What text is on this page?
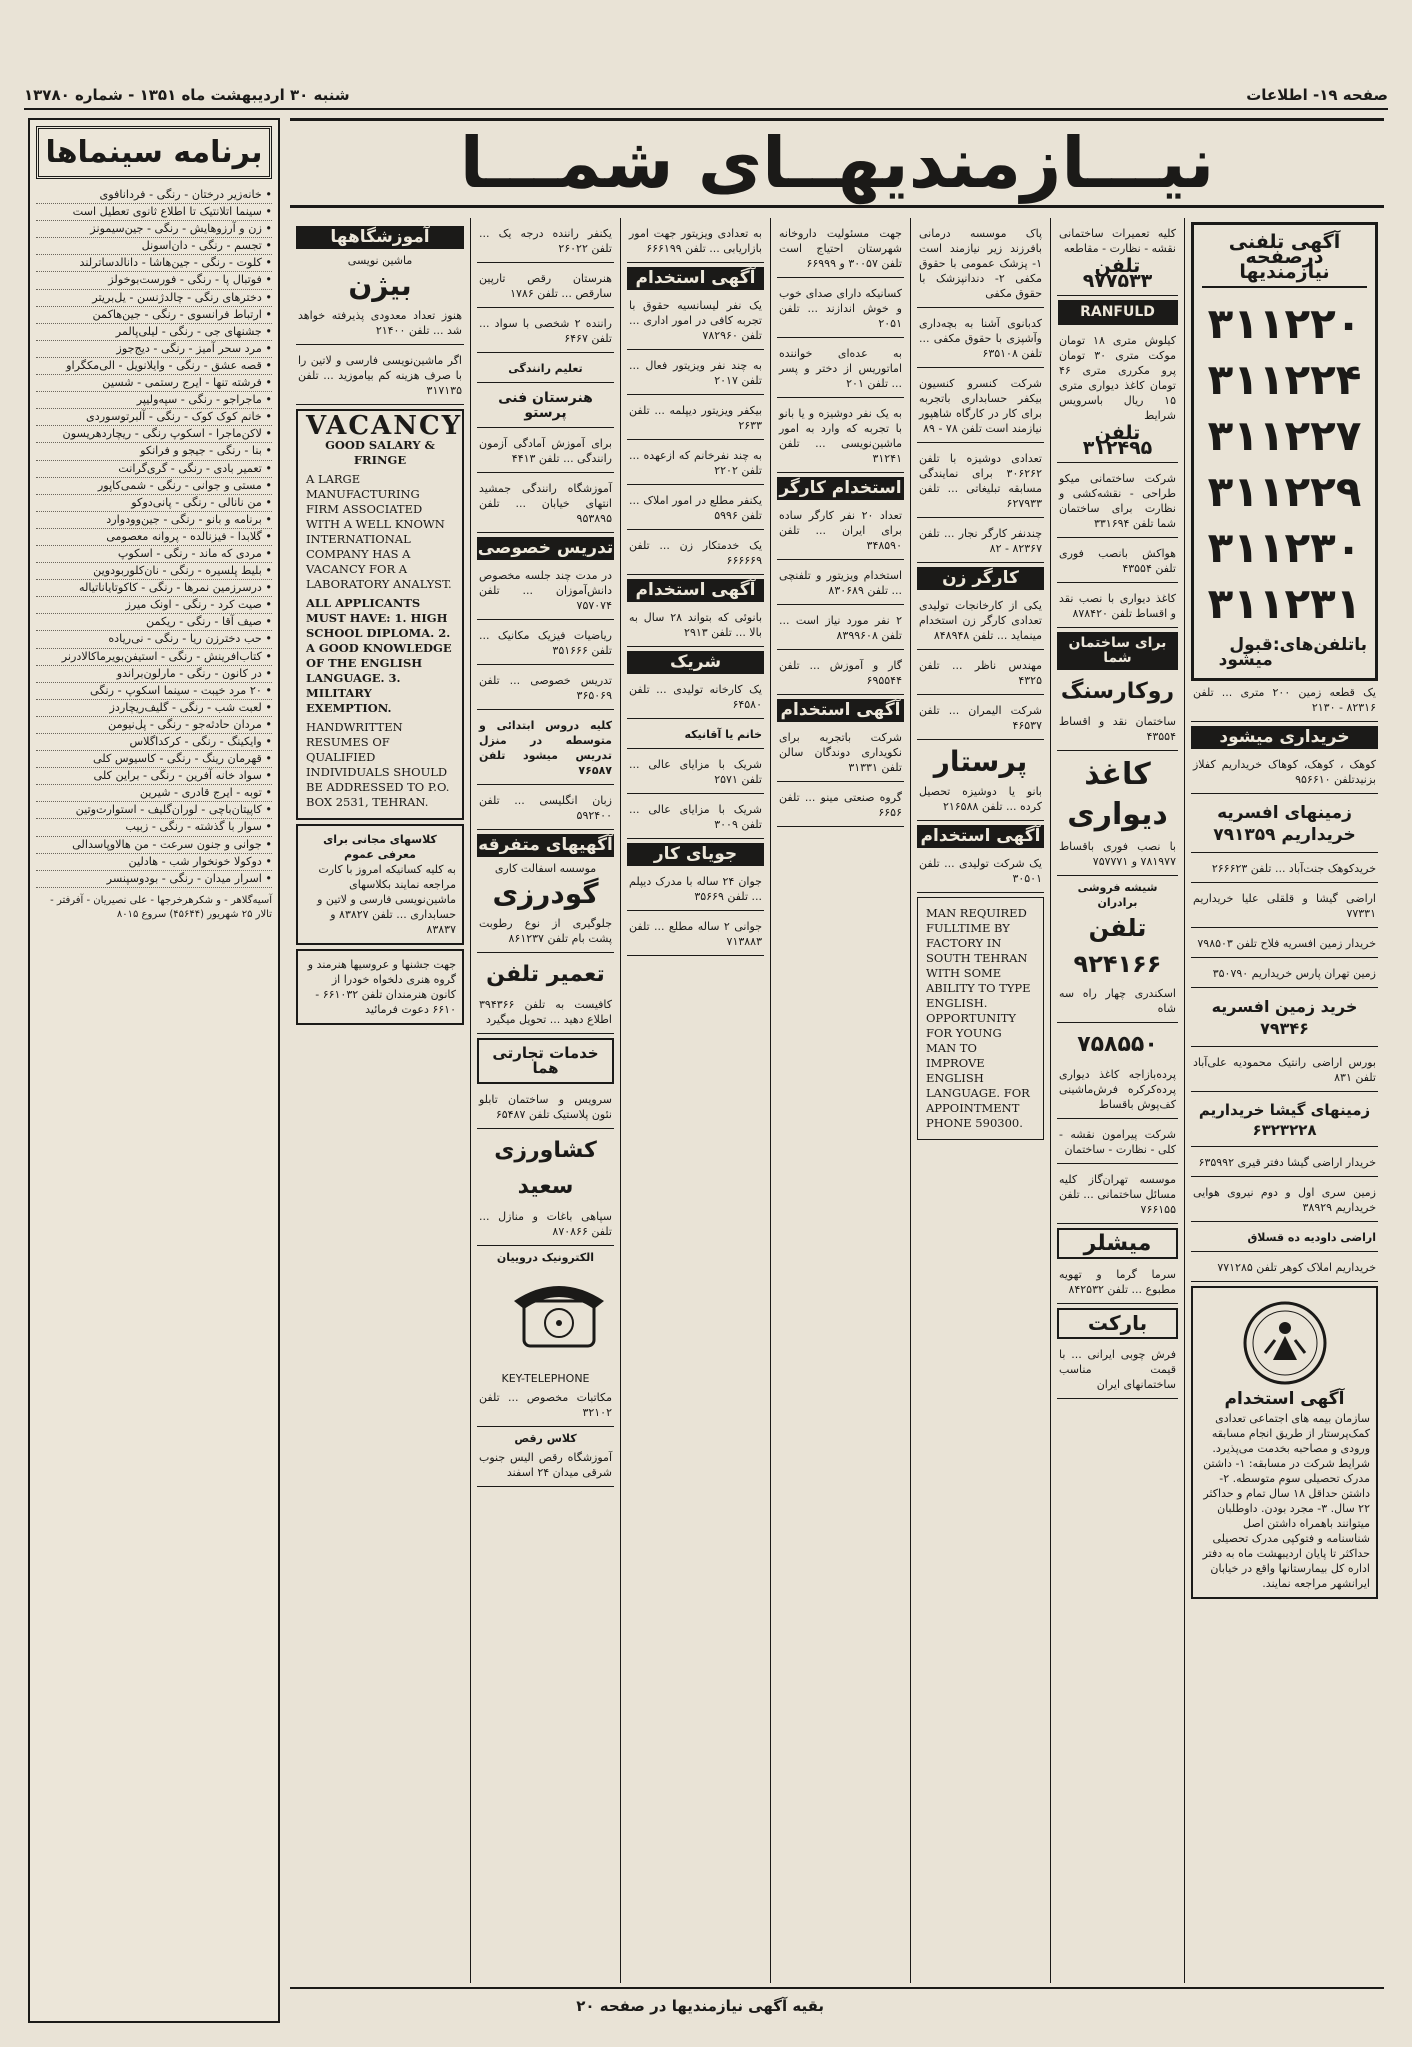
صفحه ۱۹- اطلاعات
شنبه ۳۰ اردیبهشت ماه ۱۳۵۱ - شماره ۱۳۷۸۰
برنامه سینماها
• خانه‌زیر درختان - رنگی - فردانافوی
• سینما اتلانتیک تا اطلاع ثانوی تعطیل است
• زن و آرزوهایش - رنگی - جین‌سیمونز
• تجسم - رنگی - دان‌اسونل
• کلوت - رنگی - جین‌هاشا - دانالدساترلند
• فوتبال پا - رنگی - فورست‌بوخولز
• دخترهای رنگی - چالدژنسن - یل‌بریتر
• ارتباط فرانسوی - رنگی - جین‌هاکمن
• جشنهای جی - رنگی - لیلی‌پالمر
• مرد سحر آمیز - رنگی - دیج‌جوز
• قصه عشق - رنگی - وایلانویل - الی‌مکگراو
• فرشته تنها - ایرج رستمی - شسین
• ماجراجو - رنگی - سپه‌ولیپر
• خانم کوک کوک - رنگی - آلبرتوسوردی
• لاکن‌ماجرا - اسکوپ رنگی - ریچاردهریسون
• بنا - رنگی - جیجو و فرانکو
• تعمیر بادی - رنگی - گری‌گرانت
• مستی و جوانی - رنگی - شمی‌کاپور
• من نانالی - رنگی - پانی‌دوکو
• برنامه و بانو - رنگی - جین‌وودوارد
• گلابدا - فیزنالده - پروانه معصومی
• مردی که ماند - رنگی - اسکوپ
• بلیط پلسیره - رنگی - نان‌کلوربودوین
• درسرزمین نمرها - رنگی - کاکوتایاناتیاله
• صیت کرد - رنگی - اونک میرز
• صیف آقا - رنگی - ریکمن
• حب دخترزن ریا - رنگی - نی‌ریاده
• کتاب‌افرینش - رنگی - استیفن‌بویرماکا‌لادرنر
• در کانون - رنگی - مارلون‌براندو
• ۲۰ مرد خیبت - سینما اسکوپ - رنگی
• لعبت شب - رنگی - گلیف‌ریچاردز
• مردان حادثه‌جو - رنگی - پل‌نیومن
• وایکینگ - رنگی - کرکداگلاس
• قهرمان رینگ - رنگی - کاسیوس کلی
• سواد خانه آفرین - رنگی - براین کلی
• توبه - ایرج قادری - شیرین
• کاپیتان‌باچی - لوران‌گلیف - استوارت‌وتین
• سوار با گذشته - رنگی - زبیب
• جوانی و جنون سرعت - من هالاوپاسدالی
• دوکولا خونخوار شب - هادلین
• اسرار میدان - رنگی - بودوسپنسر
آسیه‌گلاهر - و شکرهرخرجها - علی نصیریان - آفرفتر - تالار ۲۵ شهریور (۴۵۶۴۴) سروع ۸۰۱۵
نیـــازمندیهــای شمـــا
آگهی تلفنی درصفحه نیازمندیها
۳۱۱۲۲۰
۳۱۱۲۲۴
۳۱۱۲۲۷
۳۱۱۲۲۹
۳۱۱۲۳۰
۳۱۱۲۳۱
باتلفن‌های:
قبول میشود
یک قطعه زمین ۲۰۰ متری ... تلفن ۸۲۳۱۶ - ۲۱۳۰
خریداری میشود
کوهک ، کوهک، کوهاک خریداریم کفلاز بزنیدتلفن ۹۵۶۶۱۰
زمینهای افسریه خریداریم ۷۹۱۳۵۹
خریدکوهک جنت‌آباد ... تلفن ۲۶۶۶۲۳
اراضی گیشا و قلقلی علیا خریداریم ۷۷۳۳۱
خریدار زمین افسریه فلاح تلفن ۷۹۸۵۰۳
زمین تهران پارس خریداریم ۳۵۰۷۹۰
خرید زمین افسریه ۷۹۳۴۶
بورس اراضی رانتیک محمودیه علی‌آباد تلفن ۸۳۱
زمینهای گیشا خریداریم ۶۳۲۳۲۲۸
خریدار اراضی گیشا دفتر قیری ۶۳۵۹۹۲
زمین سری اول و دوم نیروی هوایی خریداریم ۳۸۹۲۹
اراضی داودیه ده قسلاق
خریداریم املاک کوهر تلفن ۷۷۱۲۸۵
آگهی استخدام
سازمان بیمه های اجتماعی تعدادی کمک‌پرستار از طریق انجام مسابقه ورودی و مصاحبه بخدمت می‌پذیرد. شرایط شرکت در مسابقه: ۱- داشتن مدرک تحصیلی سوم متوسطه. ۲- داشتن حداقل ۱۸ سال تمام و حداکثر ۲۲ سال. ۳- مجرد بودن. داوطلبان میتوانند باهمراه داشتن اصل شناسنامه و فتوکپی مدرک تحصیلی حداکثر تا پایان اردیبهشت ماه به دفتر اداره کل بیمارستانها واقع در خیابان ایرانشهر مراجعه نمایند.
کلیه تعمیرات ساختمانی نقشه - نظارت - مقاطعه
تلفن ۹۷۷۵۳۳
RANFULD
کیلوش متری ۱۸ تومان موکت متری ۳۰ تومان پرو مکرری متری ۴۶ تومان کاغذ دیواری متری ۱۵ ریال باسرویس شرایط
تلفن ۳۱۲۴۹۵
شرکت ساختمانی میکو طراحی - نقشه‌کشی و نظارت برای ساختمان شما تلفن ۳۳۱۶۹۴
هواکش بانصب فوری تلفن ۴۳۵۵۴
کاغذ دیواری با نصب نقد و اقساط تلفن ۸۷۸۴۲۰
برای ساختمان شما
روکارسنگ
ساختمان نقد و اقساط ۴۳۵۵۴
کاغذ دیواری
با نصب فوری باقساط ۷۸۱۹۷۷ و ۷۵۷۷۷۱
شیشه فروشی برادران
تلفن ۹۲۴۱۶۶
اسکندری چهار راه سه شاه
۷۵۸۵۵۰
پرده‌بازاجه کاغذ دیواری پرده‌کرکره فرش‌ماشینی کف‌پوش باقساط
شرکت پیرامون نقشه - کلی - نظارت - ساختمان
موسسه تهران‌گاز کلیه مسائل ساختمانی ... تلفن ۷۶۶۱۵۵
میشلر
سرما گرما و تهویه مطبوع ... تلفن ۸۴۲۵۳۲
بارکت
فرش چوبی ایرانی ... با قیمت مناسب ساختمانهای ایران
پاک موسسه درمانی بافرزند زیر نیازمند است ۱- پزشک عمومی با حقوق مکفی ۲- دندانپزشک با حقوق مکفی
کدبانوی آشنا به بچه‌داری وآشپزی با حقوق مکفی ... تلفن ۶۳۵۱۰۸
شرکت کنسرو کنسیون بیکفر حسابداری باتجربه برای کار در کارگاه شاهپور نیازمند است تلفن ۷۸ - ۸۹
تعدادی دوشیزه با تلفن ۳۰۶۲۶۲ برای نمایندگی مسابقه تبلیغاتی ... تلفن ۶۲۷۹۳۳
چندنفر کارگر نجار ... تلفن ۸۲۳۶۷ - ۸۲
کارگر زن
یکی از کارخانجات تولیدی تعدادی کارگر زن استخدام مینماید ... تلفن ۸۴۸۹۴۸
مهندس ناظر ... تلفن ۴۳۲۵
شرکت الیمران ... تلفن ۴۶۵۳۷
پرستار
بانو یا دوشیزه تحصیل کرده ... تلفن ۲۱۶۵۸۸
آگهی استخدام
یک شرکت تولیدی ... تلفن ۳۰۵۰۱
MAN REQUIRED FULLTIME BY FACTORY IN SOUTH TEHRAN WITH SOME ABILITY TO TYPE ENGLISH. OPPORTUNITY FOR YOUNG MAN TO IMPROVE ENGLISH LANGUAGE. FOR APPOINTMENT PHONE 590300.
جهت مسئولیت داروخانه شهرستان احتیاج است تلفن ۳۰۰۵۷ و ۶۶۹۹۹
کسانیکه دارای صدای خوب و خوش اندازند ... تلفن ۲۰۵۱
به عده‌ای خواننده اماتوریس از دختر و پسر ... تلفن ۲۰۱
به یک نفر دوشیزه و یا بانو با تجربه که وارد به امور ماشین‌نویسی ... تلفن ۳۱۲۴۱
استخدام کارگر
تعداد ۲۰ نفر کارگر ساده برای ایران ... تلفن ۳۴۸۵۹۰
استخدام ویزیتور و تلفنچی ... تلفن ۸۳۰۶۸۹
۲ نفر مورد نیاز است ... تلفن ۸۳۹۹۶۰۸
گار و آموزش ... تلفن ۶۹۵۵۴۴
آگهی استخدام
شرکت باتجربه برای نکویداری دوندگان سالن تلفن ۳۱۳۳۱
گروه صنعتی مینو ... تلفن ۶۶۵۶
به تعدادی ویزیتور جهت امور بازاریابی ... تلفن ۶۶۶۱۹۹
آگهی استخدام
یک نفر لیسانسیه حقوق با تجربه کافی در امور اداری ... تلفن ۷۸۲۹۶۰
به چند نفر ویزیتور فعال ... تلفن ۲۰۱۷
بیکفر ویزیتور دیپلمه ... تلفن ۲۶۳۳
به چند نفرخانم که ازعهده ... تلفن ۲۲۰۲
یکنفر مطلع در امور املاک ... تلفن ۵۹۹۶
یک خدمتکار زن ... تلفن ۶۶۶۶۶۹
آگهی استخدام
بانوئی که بتواند ۲۸ سال به بالا ... تلفن ۲۹۱۳
شریک
یک کارخانه تولیدی ... تلفن ۶۴۵۸۰
خانم یا آقانیکه
شریک با مزایای عالی ... تلفن ۲۵۷۱
شریک با مزایای عالی ... تلفن ۳۰۰۹
جویای کار
جوان ۲۴ ساله با مدرک دیپلم ... تلفن ۳۵۶۶۹
جوانی ۲ ساله مطلع ... تلفن ۷۱۳۸۸۳
یکنفر راننده درجه یک ... تلفن ۲۶۰۲۲
هنرستان رقص تارپین سارقص ... تلفن ۱۷۸۶
راننده ۲ شخصی با سواد ... تلفن ۶۴۶۷
تعلیم رانندگی
هنرستان فنی پرستو
برای آموزش آمادگی آزمون رانندگی ... تلفن ۴۴۱۳
آموزشگاه رانندگی جمشید انتهای خیابان ... تلفن ۹۵۳۸۹۵
تدریس خصوصی
در مدت چند جلسه مخصوص دانش‌آموزان ... تلفن ۷۵۷۰۷۴
ریاضیات فیزیک مکانیک ... تلفن ۳۵۱۶۶۶
تدریس خصوصی ... تلفن ۳۶۵۰۶۹
کلیه دروس ابتدائی و متوسطه در منزل تدریس میشود تلفن ۷۶۵۸۷
زبان انگلیسی ... تلفن ۵۹۲۴۰۰
آگهیهای متفرقه
موسسه اسفالت کاری
گودرزی
جلوگیری از نوع رطوبت پشت بام تلفن ۸۶۱۲۳۷
تعمیر تلفن
کافیست به تلفن ۳۹۴۳۶۶ اطلاع دهید ... تحویل میگیرد
خدمات تجارتی هما
سرویس و ساختمان تابلو نئون پلاستیک تلفن ۶۵۴۸۷
کشاورزی سعید
سپاهی باغات و منازل ... تلفن ۸۷۰۸۶۶
الکترونیک دروییان
KEY-TELEPHONE
مکاتبات مخصوص ... تلفن ۳۲۱۰۲
کلاس رقص
آموزشگاه رقص الیس جنوب شرقی میدان ۲۴ اسفند
آموزشگاهها
ماشین نویسی
بیژن
هنوز تعداد معدودی پذیرفته خواهد شد ... تلفن ۲۱۴۰۰
اگر ماشین‌نویسی فارسی و لاتین را با صرف هزینه کم بیاموزید ... تلفن ۳۱۷۱۳۵
VACANCY
GOOD SALARY & FRINGE
A LARGE MANUFACTURING FIRM ASSOCIATED WITH A WELL KNOWN INTERNATIONAL COMPANY HAS A VACANCY FOR A LABORATORY ANALYST.
ALL APPLICANTS MUST HAVE: 1. HIGH SCHOOL DIPLOMA. 2. A GOOD KNOWLEDGE OF THE ENGLISH LANGUAGE. 3. MILITARY EXEMPTION.
HANDWRITTEN RESUMES OF QUALIFIED INDIVIDUALS SHOULD BE ADDRESSED TO P.O. BOX 2531, TEHRAN.
کلاسهای مجانی برای معرفی عموم
به کلیه کسانیکه امروز با کارت مراجعه نمایند بکلاسهای ماشین‌نویسی فارسی و لاتین و حسابداری ... تلفن ۸۳۸۲۷ و ۸۳۸۳۷
جهت جشنها و عروسیها هنرمند و گروه هنری دلخواه خودرا از کانون هنرمندان تلفن ۶۶۱۰۳۲ - ۶۶۱۰ دعوت فرمائید
بقیه آگهی نیازمندیها در صفحه ۲۰
